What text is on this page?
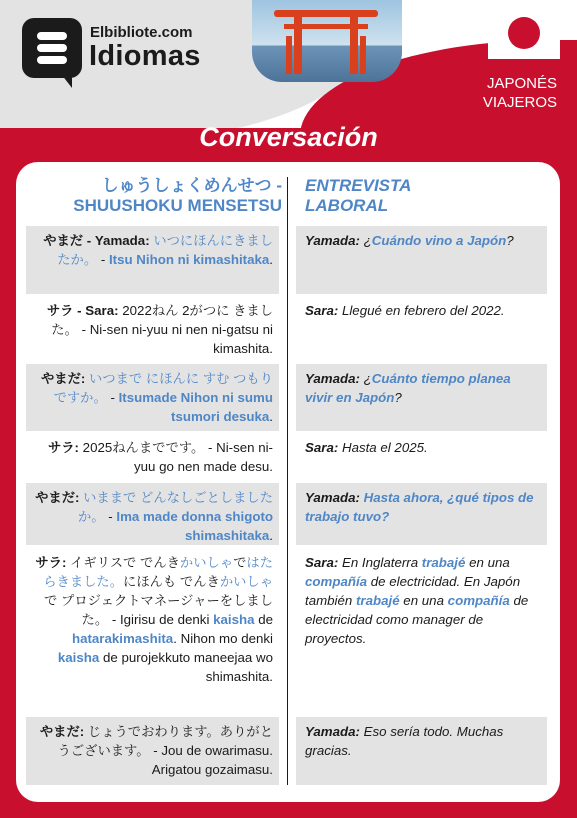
Elbibliote.com
Idiomas
JAPONÉS
VIAJEROS
Conversación
しゅうしょくめんせつ -
SHUUSHOKU MENSETSU
ENTREVISTA
LABORAL
やまだ - Yamada: いつにほんにきましたか。 - Itsu Nihon ni kimashitaka.
Yamada: ¿Cuándo vino a Japón?
サラ - Sara: 2022ねん 2がつに きました。 - Ni-sen ni-yuu ni nen ni-gatsu ni kimashita.
Sara: Llegué en febrero del 2022.
やまだ: いつまで にほんに すむ つもりですか。 - Itsumade Nihon ni sumu tsumori desuka.
Yamada: ¿Cuánto tiempo planea vivir en Japón?
サラ: 2025ねんまでです。 - Ni-sen ni-yuu go nen made desu.
Sara: Hasta el 2025.
やまだ: いままで どんなしごとしましたか。 - Ima made donna shigoto shimashitaka.
Yamada: Hasta ahora, ¿qué tipos de trabajo tuvo?
サラ: イギリスで でんきかいしゃではたらきました。にほんも でんきかいしゃで プロジェクトマネージャーをしました。 - Igirisu de denki kaisha de hatarakimashita. Nihon mo denki kaisha de purojekkuto maneejaa wo shimashita.
Sara: En Inglaterra trabajé en una compañía de electricidad. En Japón también trabajé en una compañía de electricidad como manager de proyectos.
やまだ: じょうでおわります。ありがとうございます。 - Jou de owarimasu. Arigatou gozaimasu.
Yamada: Eso sería todo. Muchas gracias.
